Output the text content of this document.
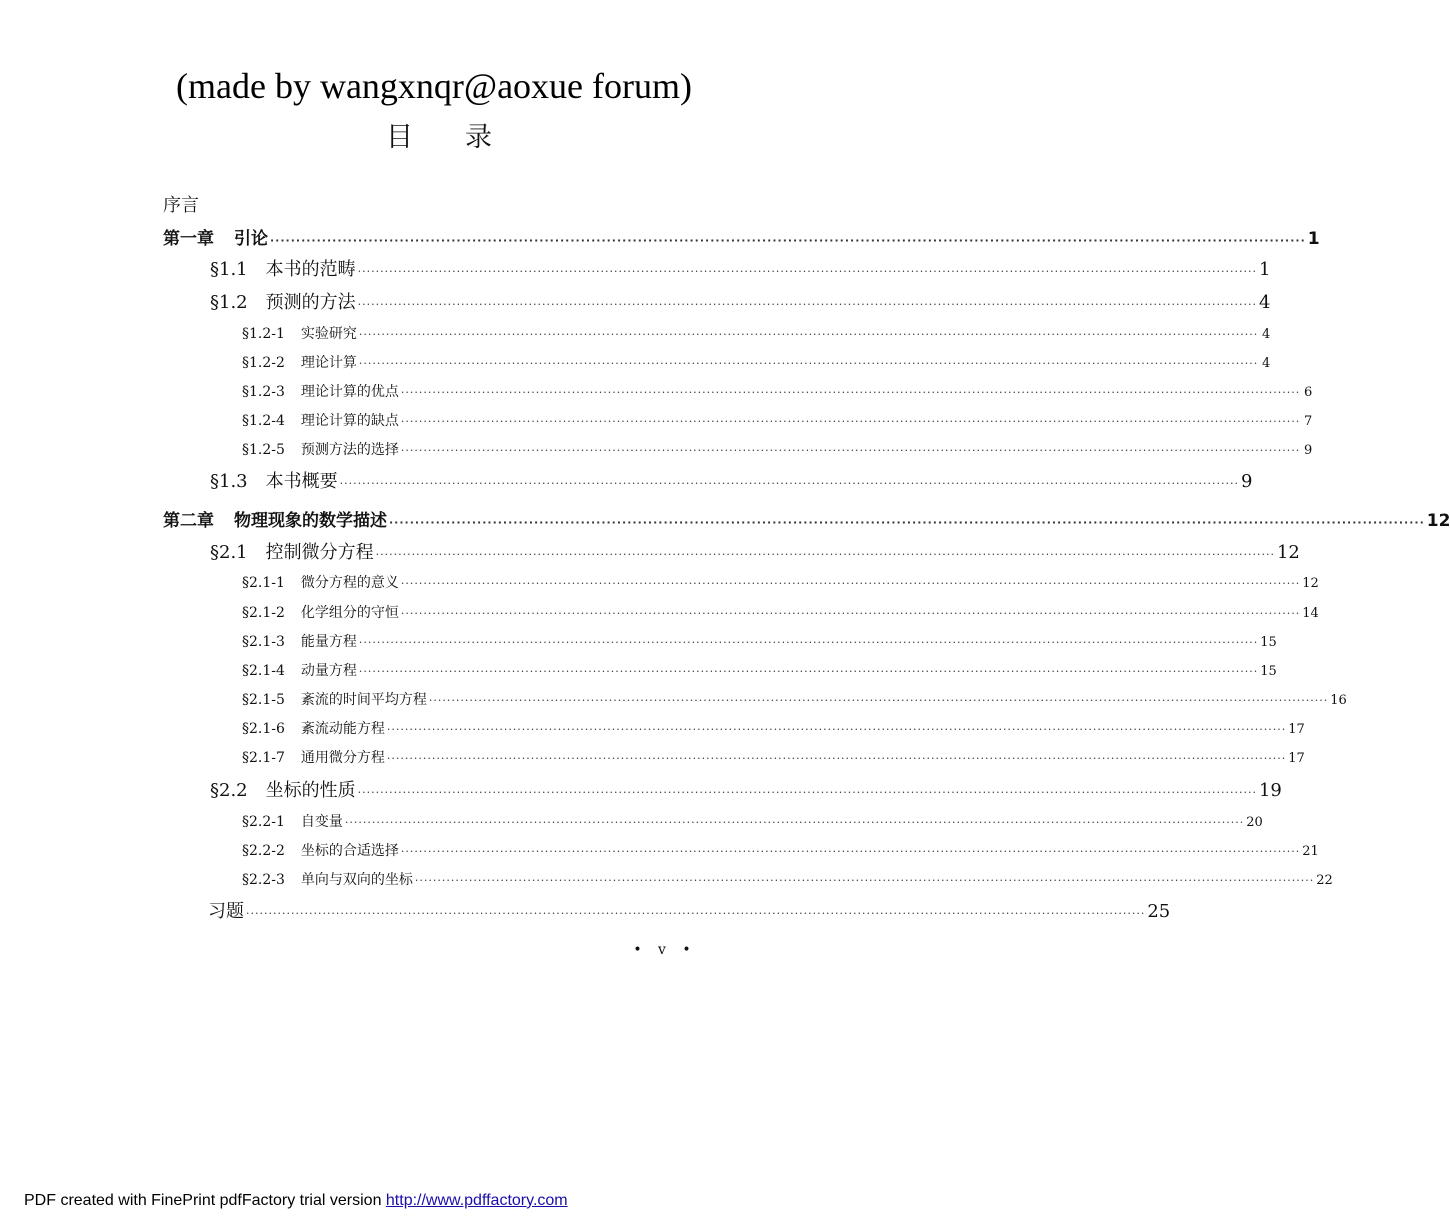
(made by wangxnqr@aoxue forum)
目录
序言
第一章 引论 ········································································································································································································ 1
§1.1 本书的范畴 ········································································································································································································ 1
§1.2 预测的方法 ········································································································································································································ 4
§1.2-1 实验研究 ········································································································································································································ 4
§1.2-2 理论计算 ········································································································································································································ 4
§1.2-3 理论计算的优点 ········································································································································································································ 6
§1.2-4 理论计算的缺点 ········································································································································································································ 7
§1.2-5 预测方法的选择 ········································································································································································································ 9
§1.3 本书概要 ········································································································································································································ 9
第二章 物理现象的数学描述 ········································································································································································································ 12
§2.1 控制微分方程 ········································································································································································································ 12
§2.1-1 微分方程的意义 ········································································································································································································ 12
§2.1-2 化学组分的守恒 ········································································································································································································ 14
§2.1-3 能量方程 ········································································································································································································ 15
§2.1-4 动量方程 ········································································································································································································ 15
§2.1-5 紊流的时间平均方程 ········································································································································································································ 16
§2.1-6 紊流动能方程 ········································································································································································································ 17
§2.1-7 通用微分方程 ········································································································································································································ 17
§2.2 坐标的性质 ········································································································································································································ 19
§2.2-1 自变量 ········································································································································································································ 20
§2.2-2 坐标的合适选择 ········································································································································································································ 21
§2.2-3 单向与双向的坐标 ········································································································································································································ 22
习题 ········································································································································································································ 25
• v •
PDF created with FinePrint pdfFactory trial version http://www.pdffactory.com
